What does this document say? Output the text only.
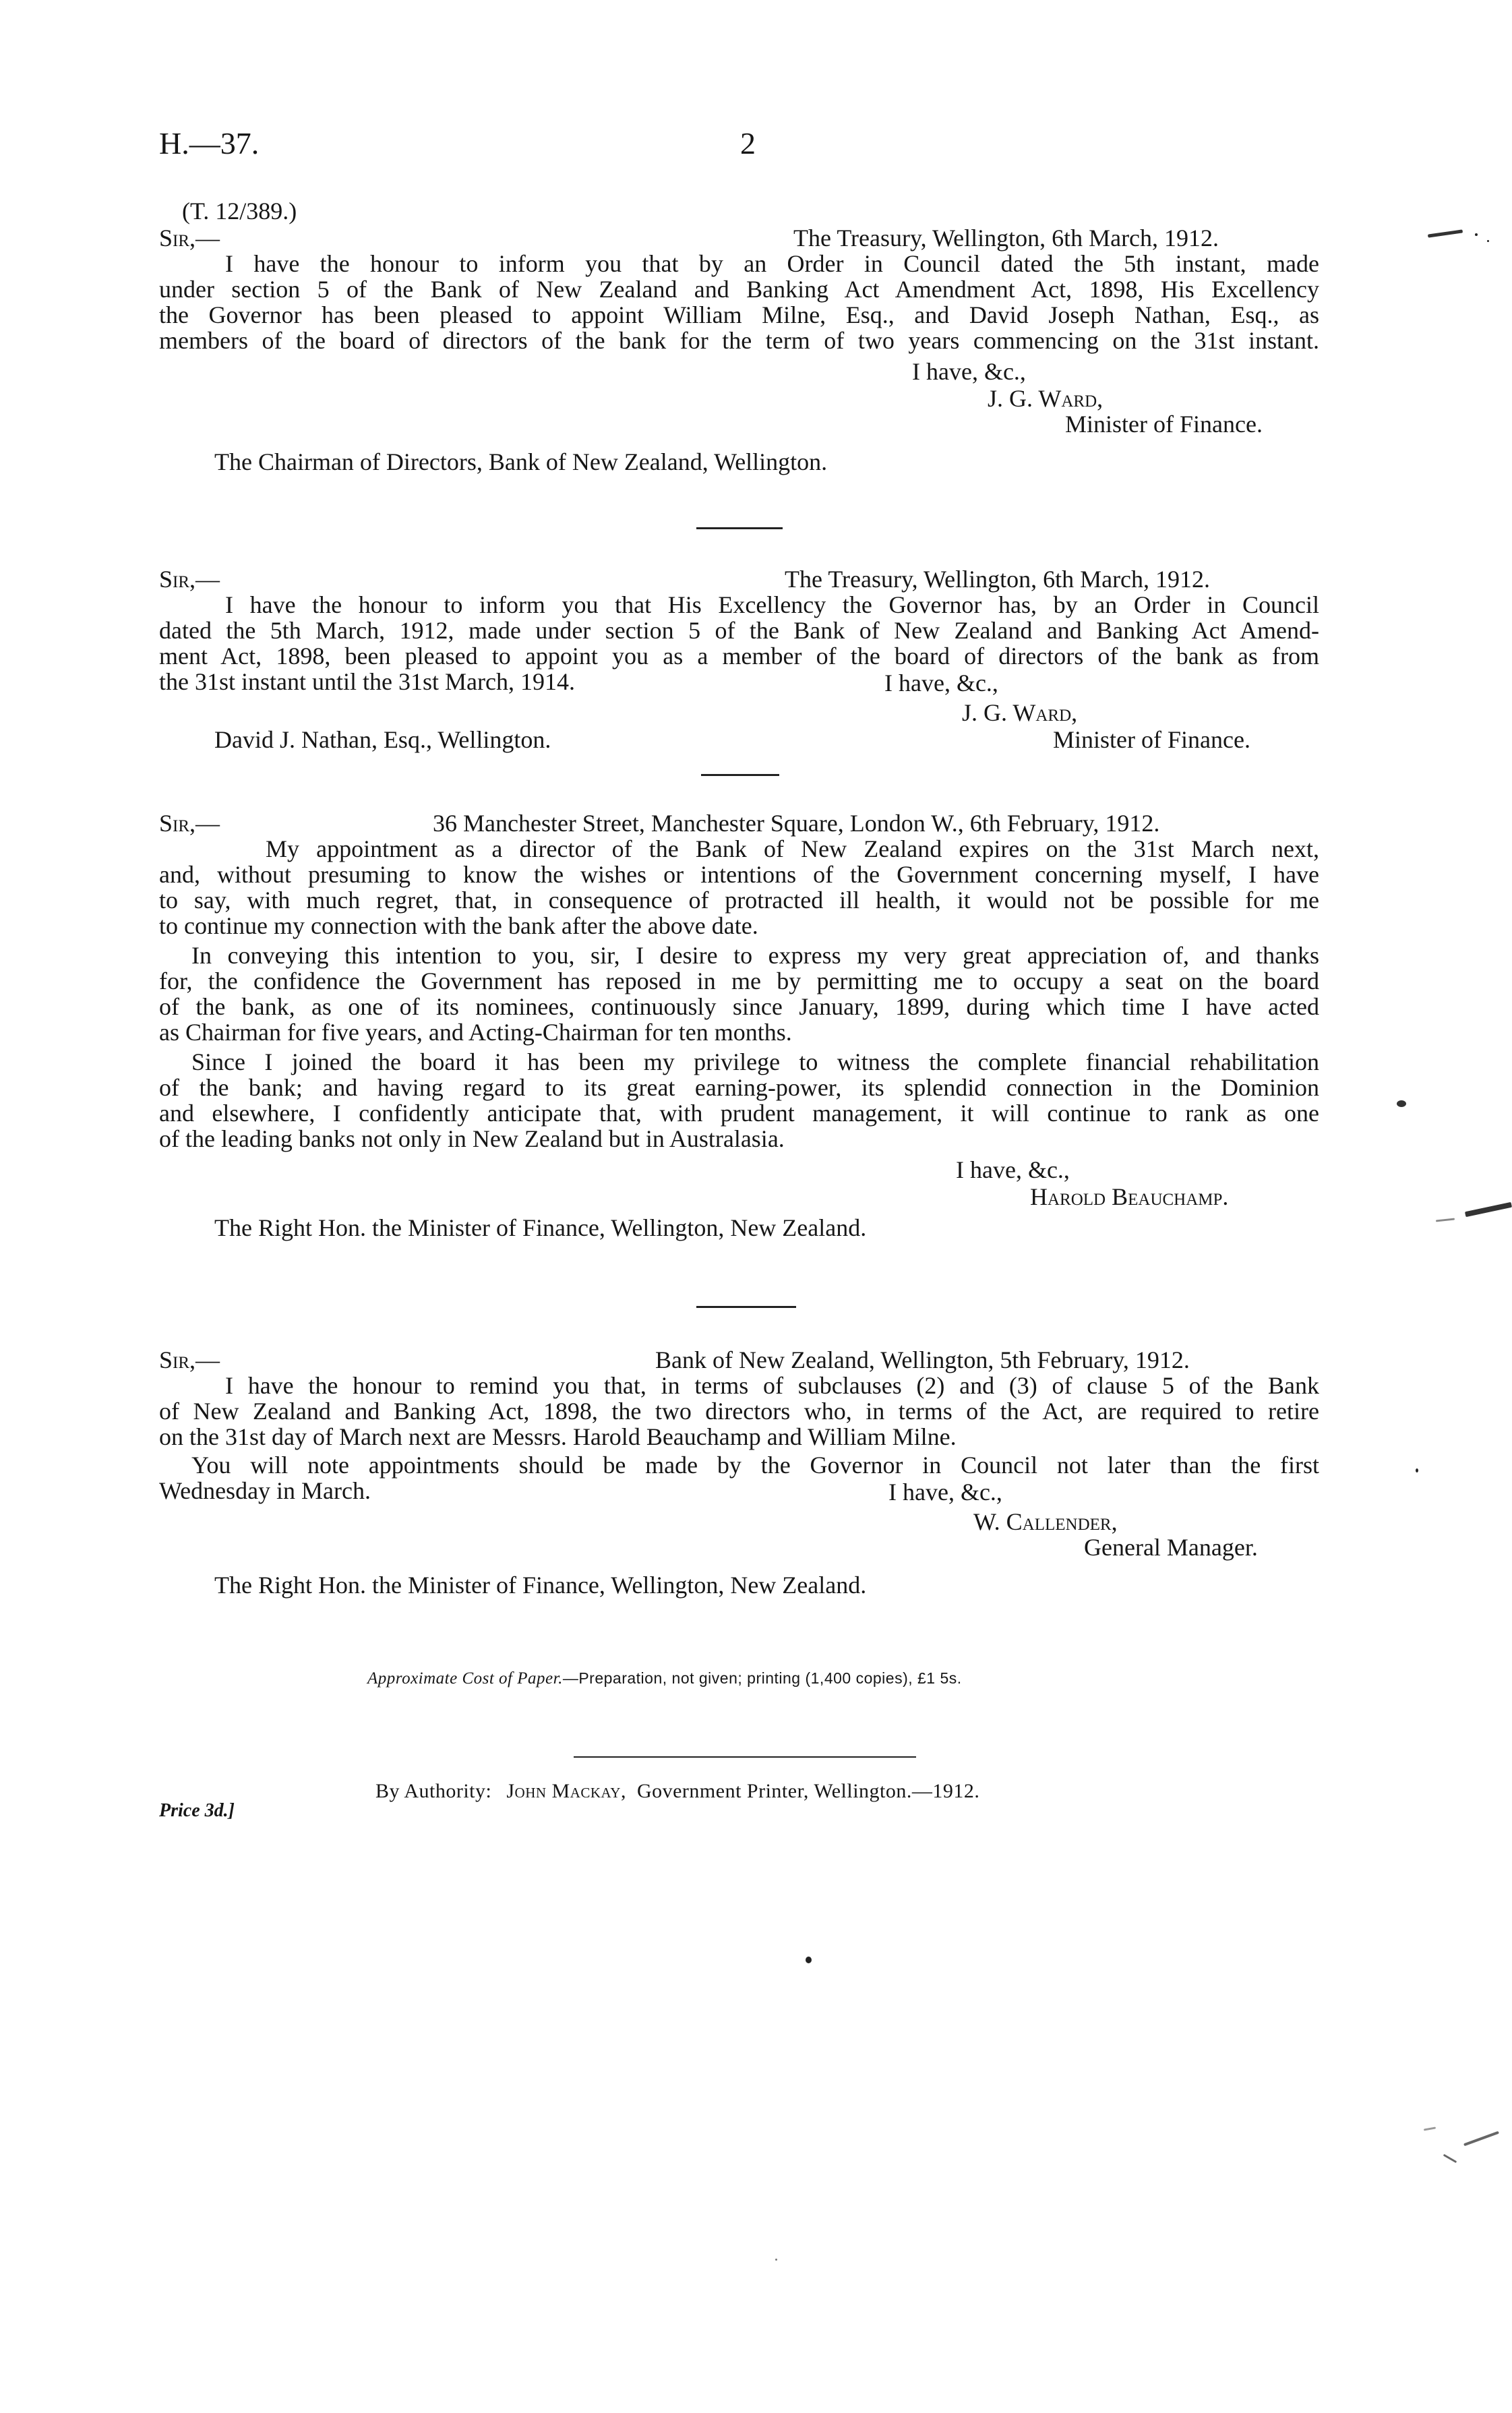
H.—37.	2
(T. 12/389.)
Sir,—	The Treasury, Wellington, 6th March, 1912.
I have the honour to inform you that by an Order in Council dated the 5th instant, made
under section 5 of the Bank of New Zealand and Banking Act Amendment Act, 1898, His Excellency
the Governor has been pleased to appoint William Milne, Esq., and David Joseph Nathan, Esq., as
members of the board of directors of the bank for the term of two years commencing on the 31st instant.
I have, &c.,
J. G. Ward,
Minister of Finance.
The Chairman of Directors, Bank of New Zealand, Wellington.
Sir,—	The Treasury, Wellington, 6th March, 1912.
I have the honour to inform you that His Excellency the Governor has, by an Order in Council
dated the 5th March, 1912, made under section 5 of the Bank of New Zealand and Banking Act Amend-
ment Act, 1898, been pleased to appoint you as a member of the board of directors of the bank as from
the 31st instant until the 31st March, 1914.	I have, &c.,
J. G. Ward,
David J. Nathan, Esq., Wellington.	Minister of Finance.
Sir,—	36 Manchester Street, Manchester Square, London W., 6th February, 1912.
My appointment as a director of the Bank of New Zealand expires on the 31st March next,
and, without presuming to know the wishes or intentions of the Government concerning myself, I have
to say, with much regret, that, in consequence of protracted ill health, it would not be possible for me
to continue my connection with the bank after the above date.
In conveying this intention to you, sir, I desire to express my very great appreciation of, and thanks
for, the confidence the Government has reposed in me by permitting me to occupy a seat on the board
of the bank, as one of its nominees, continuously since January, 1899, during which time I have acted
as Chairman for five years, and Acting-Chairman for ten months.
Since I joined the board it has been my privilege to witness the complete financial rehabilitation
of the bank; and having regard to its great earning-power, its splendid connection in the Dominion
and elsewhere, I confidently anticipate that, with prudent management, it will continue to rank as one
of the leading banks not only in New Zealand but in Australasia.
I have, &c.,
Harold Beauchamp.
The Right Hon. the Minister of Finance, Wellington, New Zealand.
Sir,—	Bank of New Zealand, Wellington, 5th February, 1912.
I have the honour to remind you that, in terms of subclauses (2) and (3) of clause 5 of the Bank
of New Zealand and Banking Act, 1898, the two directors who, in terms of the Act, are required to retire
on the 31st day of March next are Messrs. Harold Beauchamp and William Milne.
You will note appointments should be made by the Governor in Council not later than the first
Wednesday in March.	I have, &c.,
W. Callender,
General Manager.
The Right Hon. the Minister of Finance, Wellington, New Zealand.
Approximate Cost of Paper.—Preparation, not given; printing (1,400 copies), £1 5s.
By Authority: John Mackay, Government Printer, Wellington.—1912.
Price 3d.]
